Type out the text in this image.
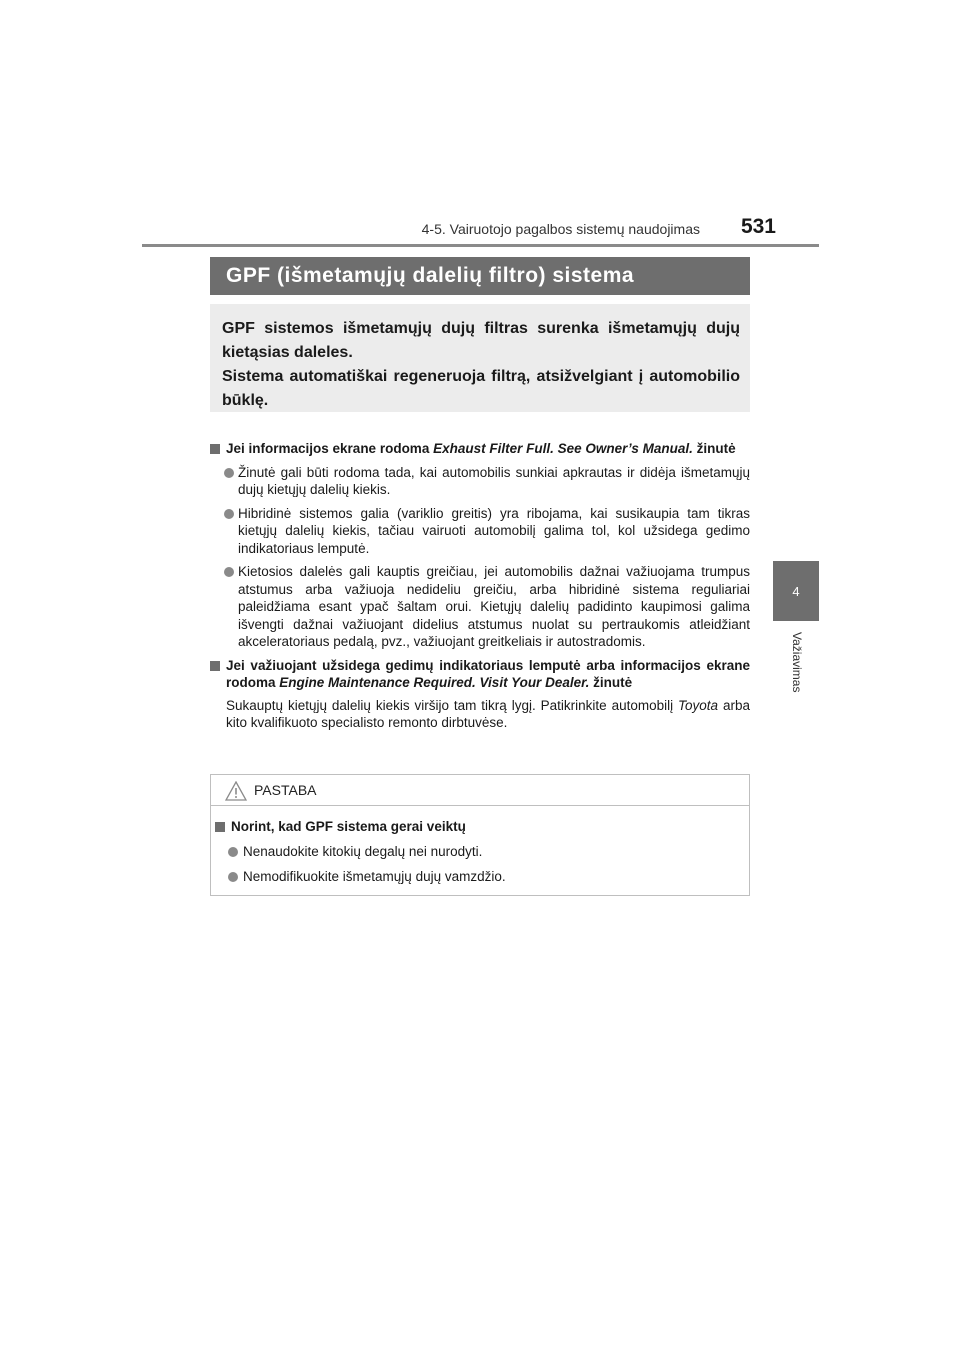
4-5. Vairuotojo pagalbos sistemų naudojimas	531
4
Važiavimas
GPF (išmetamųjų dalelių filtro) sistema
GPF sistemos išmetamųjų dujų filtras surenka išmetamųjų dujų kietąsias daleles.
Sistema automatiškai regeneruoja filtrą, atsižvelgiant į automobilio būklę.
Jei informacijos ekrane rodoma Exhaust Filter Full. See Owner’s Manual. žinutė
Žinutė gali būti rodoma tada, kai automobilis sunkiai apkrautas ir didėja išmetamųjų dujų kietųjų dalelių kiekis.
Hibridinė sistemos galia (variklio greitis) yra ribojama, kai susikaupia tam tikras kietųjų dalelių kiekis, tačiau vairuoti automobilį galima tol, kol užsidega gedimo indikatoriaus lemputė.
Kietosios dalelės gali kauptis greičiau, jei automobilis dažnai važiuojama trumpus atstumus arba važiuoja nedideliu greičiu, arba hibridinė sistema reguliariai paleidžiama esant ypač šaltam orui. Kietųjų dalelių padidinto kaupimosi galima išvengti dažnai važiuojant didelius atstumus nuolat su pertraukomis atleidžiant akceleratoriaus pedalą, pvz., važiuojant greitkeliais ir autostradomis.
Jei važiuojant užsidega gedimų indikatoriaus lemputė arba informacijos ekrane rodoma Engine Maintenance Required. Visit Your Dealer. žinutė
Sukauptų kietųjų dalelių kiekis viršijo tam tikrą lygį. Patikrinkite automobilį Toyota arba kito kvalifikuoto specialisto remonto dirbtuvėse.
PASTABA
Norint, kad GPF sistema gerai veiktų
Nenaudokite kitokių degalų nei nurodyti.
Nemodifikuokite išmetamųjų dujų vamzdžio.
